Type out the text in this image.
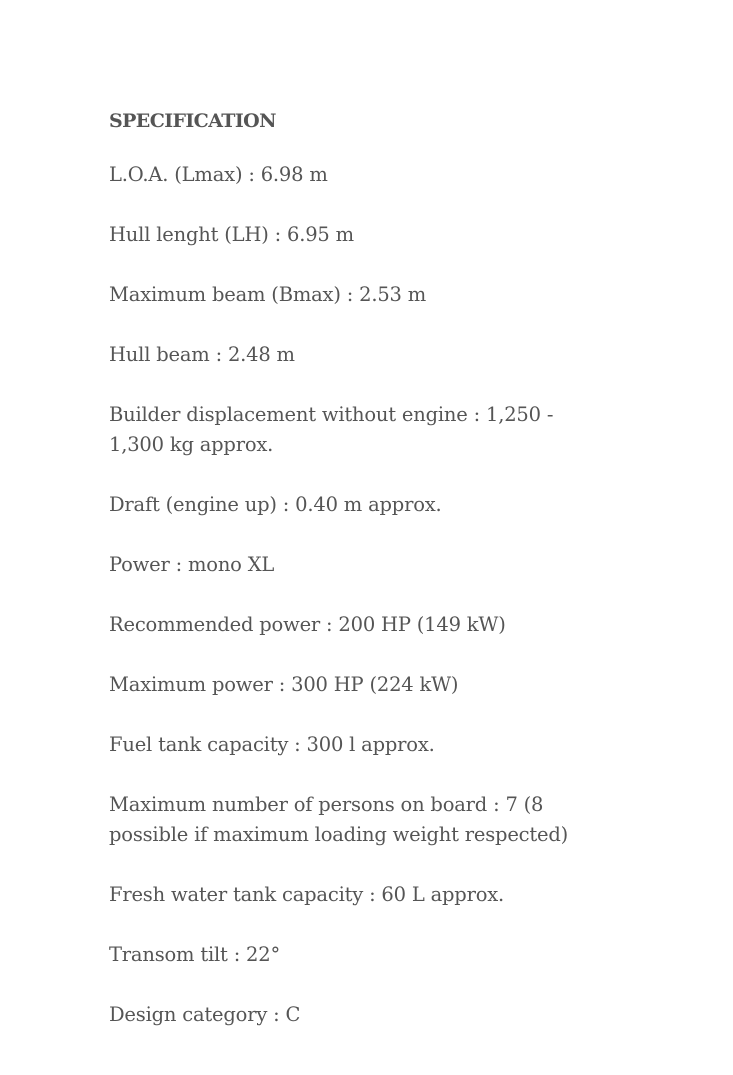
SPECIFICATION
L.O.A. (Lmax) : 6.98 m
Hull lenght (LH) : 6.95 m
Maximum beam (Bmax) : 2.53 m
Hull beam : 2.48 m
Builder displacement without engine : 1,250 - 1,300 kg approx.
Draft (engine up) : 0.40 m approx.
Power : mono XL
Recommended power : 200 HP (149 kW)
Maximum power : 300 HP (224 kW)
Fuel tank capacity : 300 l approx.
Maximum number of persons on board : 7 (8 possible if maximum loading weight respected)
Fresh water tank capacity : 60 L approx.
Transom tilt : 22°
Design category : C
